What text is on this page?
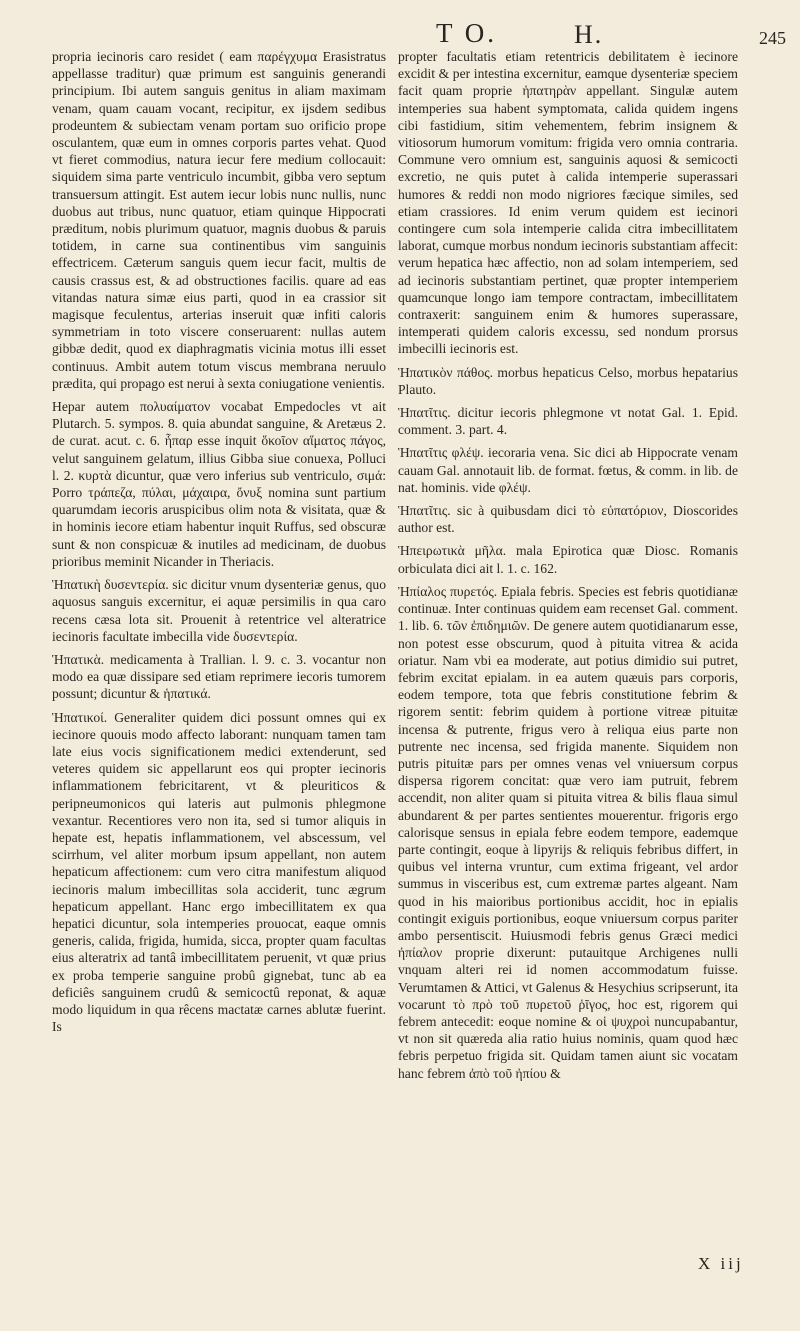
T O.	H.	245

propria iecinoris caro residet ( eam παρέγχυμα Erasistratus appellasse traditur) quæ primum est sanguinis generandi principium. Ibi autem sanguis genitus in aliam maximam venam, quam cauam vocant, recipitur, ex ijsdem sedibus prodeuntem & subiectam venam portam suo orificio prope osculantem, quæ eum in omnes corporis partes vehat. Quod vt fieret commodius, natura iecur fere medium collocauit: siquidem sima parte ventriculo incumbit, gibba vero septum transuersum attingit. Est autem iecur lobis nunc nullis, nunc duobus aut tribus, nunc quatuor, etiam quinque Hippocrati præditum, nobis plurimum quatuor, magnis duobus & paruis totidem, in carne sua continentibus vim sanguinis effectricem. Cæterum sanguis quem iecur facit, multis de causis crassus est, & ad obstructiones facilis. quare ad eas vitandas natura simæ eius parti, quod in ea crassior sit magisque feculentus, arterias inseruit quæ infiti caloris symmetriam in toto viscere conseruarent: nullas autem gibbæ dedit, quod ex diaphragmatis vicinia motus illi esset continuus. Ambit autem totum viscus membrana neruulo prædita, qui propago est nerui à sexta coniugatione venientis.

Hepar autem πολυαίματον vocabat Empedocles vt ait Plutarch. 5. sympos. 8. quia abundat sanguine, & Aretæus 2. de curat. acut. c. 6. ἧπαρ esse inquit ὅκοῖον αἵματος πάγος, velut sanguinem gelatum, illius Gibba siue conuexa, Polluci l. 2. κυρτὰ dicuntur, quæ vero inferius sub ventriculo, σιμά: Porro τράπεζα, πύλαι, μάχαιρα, ὄνυξ nomina sunt partium quarumdam iecoris aruspicibus olim nota & visitata, quæ & in hominis iecore etiam habentur inquit Ruffus, sed obscuræ sunt & non conspicuæ & inutiles ad medicinam, de duobus prioribus meminit Nicander in Theriacis.

Ἡπατικὴ δυσεντερία. sic dicitur vnum dysenteriæ genus, quo aquosus sanguis excernitur, ei aquæ persimilis in qua caro recens cæsa lota sit. Prouenit à retentrice vel alteratrice iecinoris facultate imbecilla vide δυσεντερία.

Ἡπατικὰ. medicamenta à Trallian. l. 9. c. 3. vocantur non modo ea quæ dissipare sed etiam reprimere iecoris tumorem possunt; dicuntur & ἡπατικά.

Ἡπατικοί. Generaliter quidem dici possunt omnes qui ex iecinore quouis modo affecto laborant: nunquam tamen tam late eius vocis significationem medici extenderunt, sed veteres quidem sic appellarunt eos qui propter iecinoris inflammationem febricitarent, vt & pleuriticos & peripneumonicos qui lateris aut pulmonis phlegmone vexantur. Recentiores vero non ita, sed si tumor aliquis in hepate est, hepatis inflammationem, vel abscessum, vel scirrhum, vel aliter morbum ipsum appellant, non autem hepaticum affectionem: cum vero citra manifestum aliquod iecinoris malum imbecillitas sola acciderit, tunc ægrum hepaticum appellant. Hanc ergo imbecillitatem ex qua hepatici dicuntur, sola intemperies prouocat, eaque omnis generis, calida, frigida, humida, sicca, propter quam facultas eius alteratrix ad tantâ imbecillitatem peruenit, vt quæ prius ex proba temperie sanguine probû gignebat, tunc ab ea deficiês sanguinem crudû & semicoctû reponat, & aquæ modo liquidum in qua rêcens mactatæ carnes ablutæ fuerint. Is

propter facultatis etiam retentricis debilitatem è iecinore excidit & per intestina excernitur, eamque dysenteriæ speciem facit quam proprie ἡπατηρὰν appellant. Singulæ autem intemperies sua habent symptomata, calida quidem ingens cibi fastidium, sitim vehementem, febrim insignem & vitiosorum humorum vomitum: frigida vero omnia contraria. Commune vero omnium est, sanguinis aquosi & semicocti excretio, ne quis putet à calida intemperie superassari humores & reddi non modo nigriores fæcique similes, sed etiam crassiores. Id enim verum quidem est iecinori contingere cum sola intemperie calida citra imbecillitatem laborat, cumque morbus nondum iecinoris substantiam affecit: verum hepatica hæc affectio, non ad solam intemperiem, sed ad iecinoris substantiam pertinet, quæ propter intemperiem quamcunque longo iam tempore contractam, imbecillitatem contraxerit: sanguinem enim & humores superassare, intemperati quidem caloris excessu, sed nondum prorsus imbecilli iecinoris est.

Ἡπατικὸν πάθος. morbus hepaticus Celso, morbus hepatarius Plauto.

Ἡπατῖτις. dicitur iecoris phlegmone vt notat Gal. 1. Epid. comment. 3. part. 4.

Ἡπατῖτις φλέψ. iecoraria vena. Sic dici ab Hippocrate venam cauam Gal. annotauit lib. de format. fœtus, & comm. in lib. de nat. hominis. vide φλέψ.

Ἡπατῖτις. sic à quibusdam dici τὸ εὐπατόριον, Dioscorides author est.

Ἡπειρωτικὰ μῆλα. mala Epirotica quæ Diosc. Romanis orbiculata dici ait l. 1. c. 162.

Ἠπίαλος πυρετός. Epiala febris. Species est febris quotidianæ continuæ. Inter continuas quidem eam recenset Gal. comment. 1. lib. 6. τῶν ἐπιδημιῶν. De genere autem quotidianarum esse, non potest esse obscurum, quod à pituita vitrea & acida oriatur. Nam vbi ea moderate, aut potius dimidio sui putret, febrim excitat epialam. in ea autem quæuis pars corporis, eodem tempore, tota que febris constitutione febrim & rigorem sentit: febrim quidem à portione vitreæ pituitæ incensa & putrente, frigus vero à reliqua eius parte non putrente nec incensa, sed frigida manente. Siquidem non putris pituitæ pars per omnes venas vel vniuersum corpus dispersa rigorem concitat: quæ vero iam putruit, febrem accendit, non aliter quam si pituita vitrea & bilis flaua simul abundarent & per partes sentientes mouerentur. frigoris ergo calorisque sensus in epiala febre eodem tempore, eademque parte contingit, eoque à lipyrijs & reliquis febribus differt, in quibus vel interna vruntur, cum extima frigeant, vel ardor summus in visceribus est, cum extremæ partes algeant. Nam quod in his maioribus portionibus accidit, hoc in epialis contingit exiguis portionibus, eoque vniuersum corpus pariter ambo persentiscit. Huiusmodi febris genus Græci medici ἠπίαλον proprie dixerunt: putauitque Archigenes nulli vnquam alteri rei id nomen accommodatum fuisse. Verumtamen & Attici, vt Galenus & Hesychius scripserunt, ita vocarunt τὸ πρὸ τοῦ πυρετοῦ ῥῖγος, hoc est, rigorem qui febrem antecedit: eoque nomine & οἱ ψυχροὶ nuncupabantur, vt non sit quæreda alia ratio huius nominis, quam quod hæc febris perpetuo frigida sit. Quidam tamen aiunt sic vocatam hanc febrem ἀπὸ τοῦ ἠπίου &

X iij
